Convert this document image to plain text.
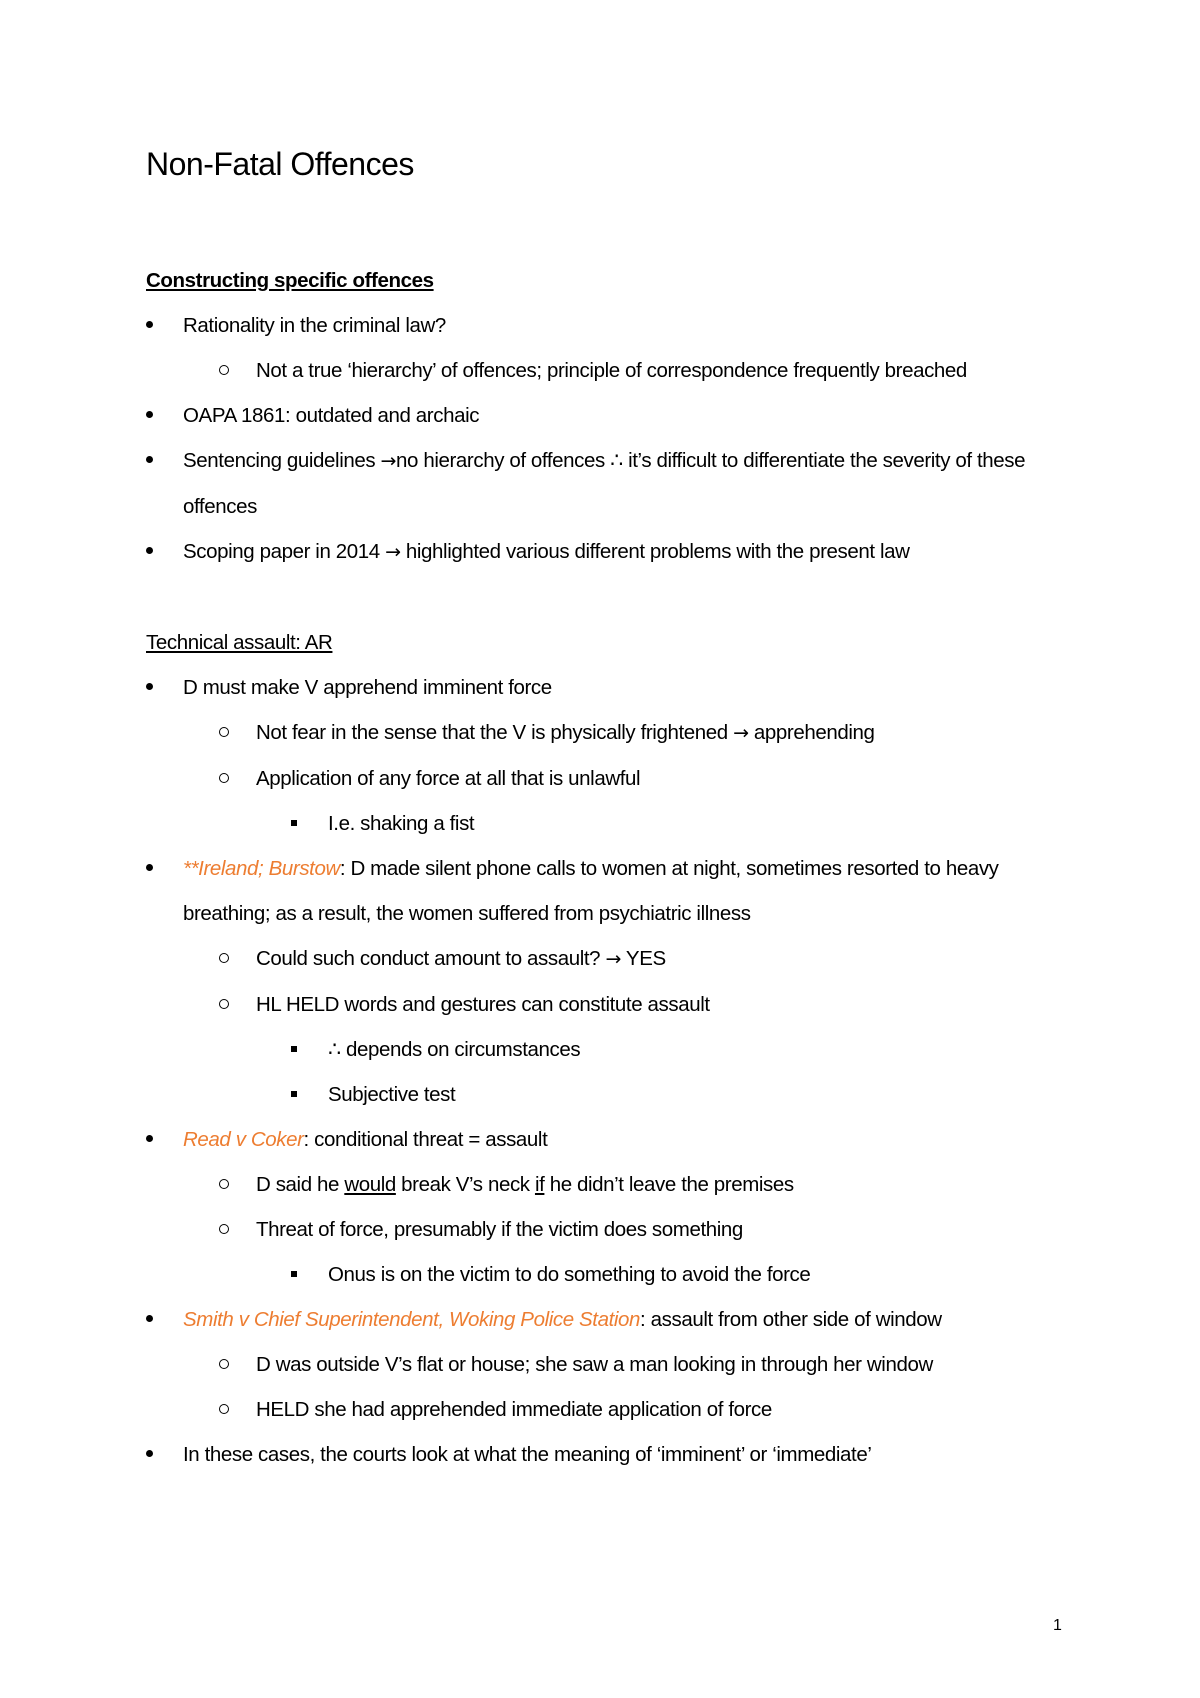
Non-Fatal Offences
Constructing specific offences
Rationality in the criminal law?
Not a true ‘hierarchy’ of offences; principle of correspondence frequently breached
OAPA 1861: outdated and archaic
Sentencing guidelines →no hierarchy of offences ∴ it’s difficult to differentiate the severity of these offences
Scoping paper in 2014 → highlighted various different problems with the present law
Technical assault: AR
D must make V apprehend imminent force
Not fear in the sense that the V is physically frightened → apprehending
Application of any force at all that is unlawful
I.e. shaking a fist
**Ireland; Burstow: D made silent phone calls to women at night, sometimes resorted to heavy breathing; as a result, the women suffered from psychiatric illness
Could such conduct amount to assault? → YES
HL HELD words and gestures can constitute assault
∴ depends on circumstances
Subjective test
Read v Coker: conditional threat = assault
D said he would break V’s neck if he didn’t leave the premises
Threat of force, presumably if the victim does something
Onus is on the victim to do something to avoid the force
Smith v Chief Superintendent, Woking Police Station: assault from other side of window
D was outside V’s flat or house; she saw a man looking in through her window
HELD she had apprehended immediate application of force
In these cases, the courts look at what the meaning of ‘imminent’ or ‘immediate’
1
